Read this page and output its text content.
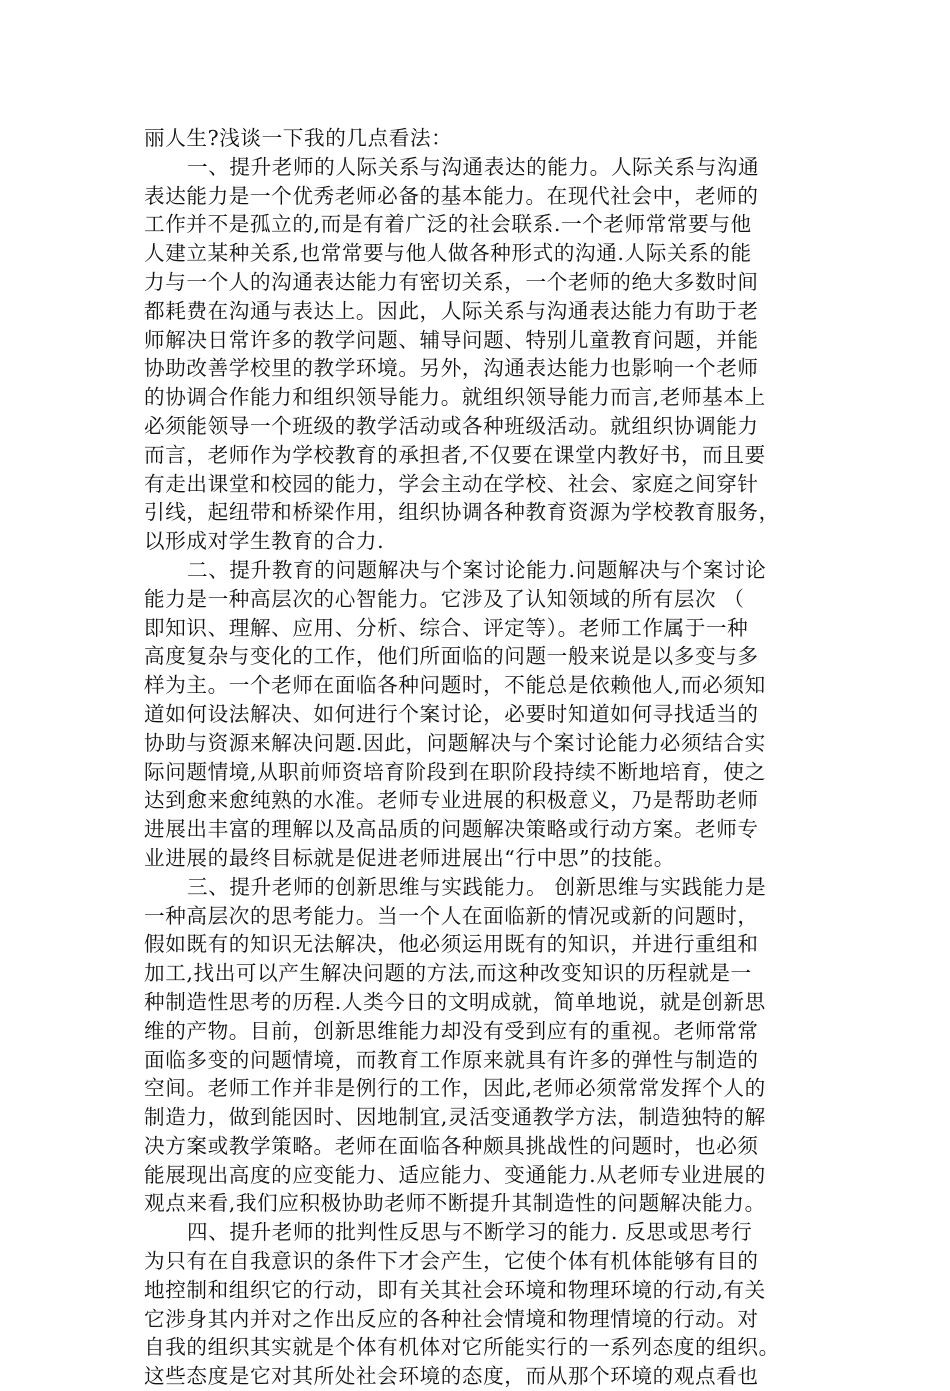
丽人生?浅谈一下我的几点看法：
一、提升老师的人际关系与沟通表达的能力。人际关系与沟通
表达能力是一个优秀老师必备的基本能力。在现代社会中，老师的
工作并不是孤立的,而是有着广泛的社会联系.一个老师常常要与他
人建立某种关系,也常常要与他人做各种形式的沟通.人际关系的能
力与一个人的沟通表达能力有密切关系，一个老师的绝大多数时间
都耗费在沟通与表达上。因此，人际关系与沟通表达能力有助于老
师解决日常许多的教学问题、辅导问题、特别儿童教育问题，并能
协助改善学校里的教学环境。另外，沟通表达能力也影响一个老师
的协调合作能力和组织领导能力。就组织领导能力而言,老师基本上
必须能领导一个班级的教学活动或各种班级活动。就组织协调能力
而言，老师作为学校教育的承担者,不仅要在课堂内教好书，而且要
有走出课堂和校园的能力，学会主动在学校、社会、家庭之间穿针
引线，起纽带和桥梁作用，组织协调各种教育资源为学校教育服务，
以形成对学生教育的合力.
二、提升教育的问题解决与个案讨论能力.问题解决与个案讨论
能力是一种高层次的心智能力。它涉及了认知领域的所有层次 （
即知识、理解、应用、分析、综合、评定等）。老师工作属于一种
高度复杂与变化的工作，他们所面临的问题一般来说是以多变与多
样为主。一个老师在面临各种问题时，不能总是依赖他人,而必须知
道如何设法解决、如何进行个案讨论，必要时知道如何寻找适当的
协助与资源来解决问题.因此，问题解决与个案讨论能力必须结合实
际问题情境,从职前师资培育阶段到在职阶段持续不断地培育，使之
达到愈来愈纯熟的水准。老师专业进展的积极意义，乃是帮助老师
进展出丰富的理解以及高品质的问题解决策略或行动方案。老师专
业进展的最终目标就是促进老师进展出“行中思”的技能。
三、提升老师的创新思维与实践能力。 创新思维与实践能力是
一种高层次的思考能力。当一个人在面临新的情况或新的问题时，
假如既有的知识无法解决，他必须运用既有的知识，并进行重组和
加工,找出可以产生解决问题的方法,而这种改变知识的历程就是一
种制造性思考的历程.人类今日的文明成就，简单地说，就是创新思
维的产物。目前，创新思维能力却没有受到应有的重视。老师常常
面临多变的问题情境，而教育工作原来就具有许多的弹性与制造的
空间。老师工作并非是例行的工作，因此,老师必须常常发挥个人的
制造力，做到能因时、因地制宜,灵活变通教学方法，制造独特的解
决方案或教学策略。老师在面临各种颇具挑战性的问题时，也必须
能展现出高度的应变能力、适应能力、变通能力.从老师专业进展的
观点来看,我们应积极协助老师不断提升其制造性的问题解决能力。
四、提升老师的批判性反思与不断学习的能力. 反思或思考行
为只有在自我意识的条件下才会产生，它使个体有机体能够有目的
地控制和组织它的行动，即有关其社会环境和物理环境的行动,有关
它涉身其内并对之作出反应的各种社会情境和物理情境的行动。对
自我的组织其实就是个体有机体对它所能实行的一系列态度的组织。
这些态度是它对其所处社会环境的态度，而从那个环境的观点看也
